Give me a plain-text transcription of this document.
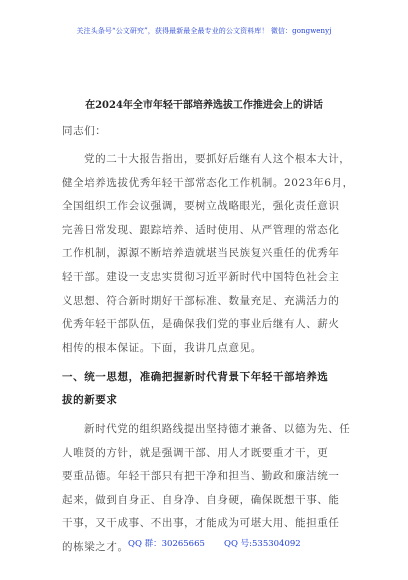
关注头条号“公文研究”，获得最新最全最专业的公文资料库！ 微信：gongwenyj
在2024年全市年轻干部培养选拔工作推进会上的讲话
同志们：
党的二十大报告指出，要抓好后继有人这个根本大计，
健全培养选拔优秀年轻干部常态化工作机制。2023年6月，
全国组织工作会议强调，要树立战略眼光，强化责任意识
完善日常发现、跟踪培养、适时使用、从严管理的常态化
工作机制，源源不断培养造就堪当民族复兴重任的优秀年
轻干部。建设一支忠实贯彻习近平新时代中国特色社会主
义思想、符合新时期好干部标准、数量充足、充满活力的
优秀年轻干部队伍，是确保我们党的事业后继有人、薪火
相传的根本保证。下面，我讲几点意见。
一、统一思想，准确把握新时代背景下年轻干部培养选
拔的新要求
新时代党的组织路线提出坚持德才兼备、以德为先、任
人唯贤的方针，就是强调干部、用人才既要重才干，更
要重品德。年轻干部只有把干净和担当、勤政和廉洁统一
起来，做到自身正、自身净、自身硬，确保既想干事、能
干事，又干成事、不出事，才能成为可堪大用、能担重任
的栋梁之才。 QQ 群：30265665 QQ 号:535304092
